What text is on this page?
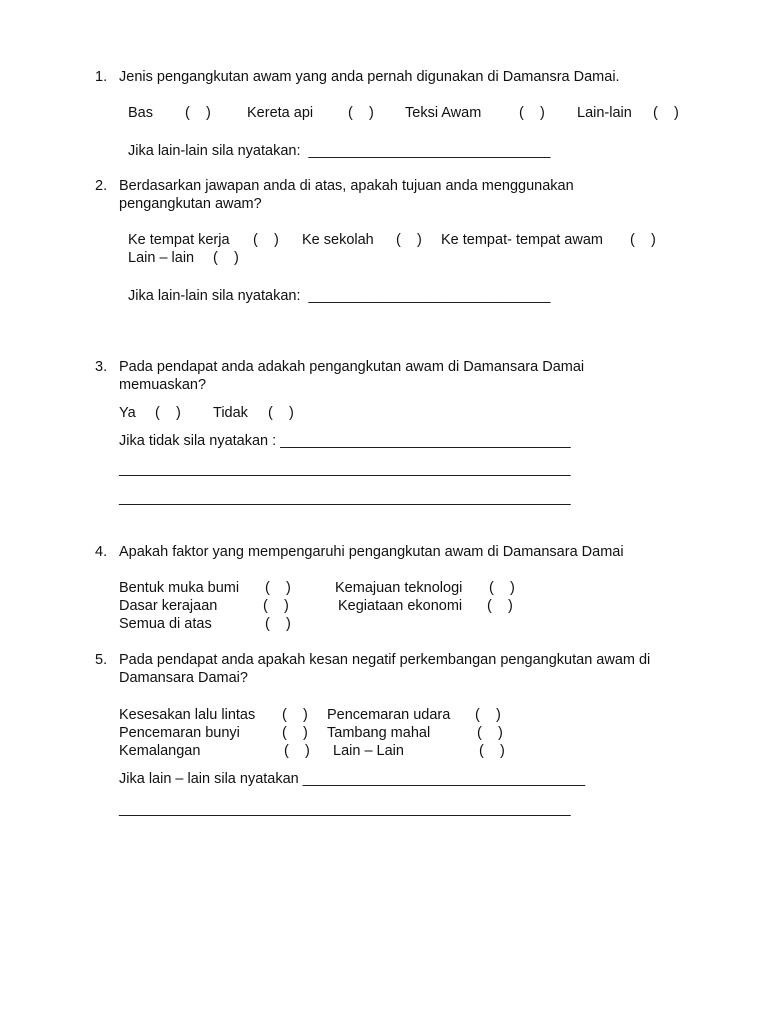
1. Jenis pengangkutan awam yang anda pernah digunakan di Damansra Damai.
Bas (    ) Kereta api (    ) Teksi Awam	(    ) Lain-lain (    )
Jika lain-lain sila nyatakan:  ______________________________
2. Berdasarkan jawapan anda di atas, apakah tujuan anda menggunakan
pengangkutan awam?
Ke tempat kerja (    ) Ke sekolah (    ) Ke tempat- tempat awam (    )
Lain – lain (    )
Jika lain-lain sila nyatakan:  ______________________________
3. Pada pendapat anda adakah pengangkutan awam di Damansara Damai
memuaskan?
Ya (    ) Tidak (    )
Jika tidak sila nyatakan : ____________________________________
________________________________________________________
________________________________________________________
4. Apakah faktor yang mempengaruhi pengangkutan awam di Damansara Damai
Bentuk muka bumi (    )	Kemajuan teknologi (    )
Dasar kerajaan	(    )	Kegiataan ekonomi (    )
Semua di atas	(    )
5. Pada pendapat anda apakah kesan negatif perkembangan pengangkutan awam di
Damansara Damai?
Kesesakan lalu lintas (    ) Pencemaran udara (    )
Pencemaran bunyi	(    ) Tambang mahal	(    )
Kemalangan	(    ) Lain – Lain	(    )
Jika lain – lain sila nyatakan ___________________________________
________________________________________________________
